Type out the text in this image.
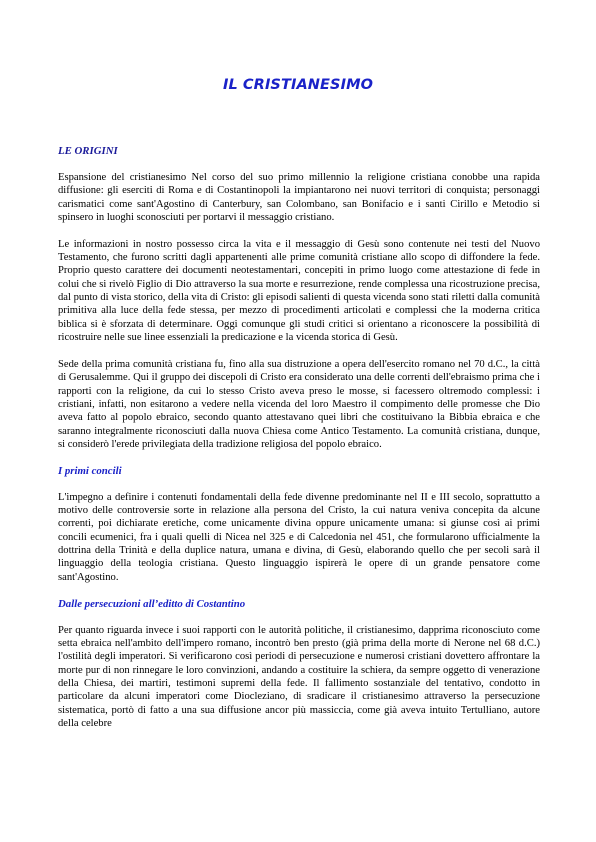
IL CRISTIANESIMO
LE ORIGINI

Espansione del cristianesimo Nel corso del suo primo millennio la religione cristiana conobbe una rapida diffusione: gli eserciti di Roma e di Costantinopoli la impiantarono nei nuovi territori di conquista; personaggi carismatici come sant'Agostino di Canterbury, san Colombano, san Bonifacio e i santi Cirillo e Metodio si spinsero in luoghi sconosciuti per portarvi il messaggio cristiano.

Le informazioni in nostro possesso circa la vita e il messaggio di Gesù sono contenute nei testi del Nuovo Testamento, che furono scritti dagli appartenenti alle prime comunità cristiane allo scopo di diffondere la fede. Proprio questo carattere dei documenti neotestamentari, concepiti in primo luogo come attestazione di fede in colui che si rivelò Figlio di Dio attraverso la sua morte e resurrezione, rende complessa una ricostruzione precisa, dal punto di vista storico, della vita di Cristo: gli episodi salienti di questa vicenda sono stati riletti dalla comunità primitiva alla luce della fede stessa, per mezzo di procedimenti articolati e complessi che la moderna critica biblica si è sforzata di determinare. Oggi comunque gli studi critici si orientano a riconoscere la possibilità di ricostruire nelle sue linee essenziali la predicazione e la vicenda storica di Gesù.

Sede della prima comunità cristiana fu, fino alla sua distruzione a opera dell'esercito romano nel 70 d.C., la città di Gerusalemme. Qui il gruppo dei discepoli di Cristo era considerato una delle correnti dell'ebraismo prima che i rapporti con la religione, da cui lo stesso Cristo aveva preso le mosse, si facessero oltremodo complessi: i cristiani, infatti, non esitarono a vedere nella vicenda del loro Maestro il compimento delle promesse che Dio aveva fatto al popolo ebraico, secondo quanto attestavano quei libri che costituivano la Bibbia ebraica e che saranno integralmente riconosciuti dalla nuova Chiesa come Antico Testamento. La comunità cristiana, dunque, si considerò l'erede privilegiata della tradizione religiosa del popolo ebraico.

I primi concili

L'impegno a definire i contenuti fondamentali della fede divenne predominante nel II e III secolo, soprattutto a motivo delle controversie sorte in relazione alla persona del Cristo, la cui natura veniva concepita da alcune correnti, poi dichiarate eretiche, come unicamente divina oppure unicamente umana: si giunse così ai primi concili ecumenici, fra i quali quelli di Nicea nel 325 e di Calcedonia nel 451, che formularono ufficialmente la dottrina della Trinità e della duplice natura, umana e divina, di Gesù, elaborando quello che per secoli sarà il linguaggio della teologia cristiana. Questo linguaggio ispirerà le opere di un grande pensatore come sant'Agostino.

Dalle persecuzioni all’editto di Costantino

Per quanto riguarda invece i suoi rapporti con le autorità politiche, il cristianesimo, dapprima riconosciuto come setta ebraica nell'ambito dell'impero romano, incontrò ben presto (già prima della morte di Nerone nel 68 d.C.) l'ostilità degli imperatori. Si verificarono così periodi di persecuzione e numerosi cristiani dovettero affrontare la morte pur di non rinnegare le loro convinzioni, andando a costituire la schiera, da sempre oggetto di venerazione della Chiesa, dei martiri, testimoni supremi della fede. Il fallimento sostanziale del tentativo, condotto in particolare da alcuni imperatori come Diocleziano, di sradicare il cristianesimo attraverso la persecuzione sistematica, portò di fatto a una sua diffusione ancor più massiccia, come già aveva intuito Tertulliano, autore della celebre
